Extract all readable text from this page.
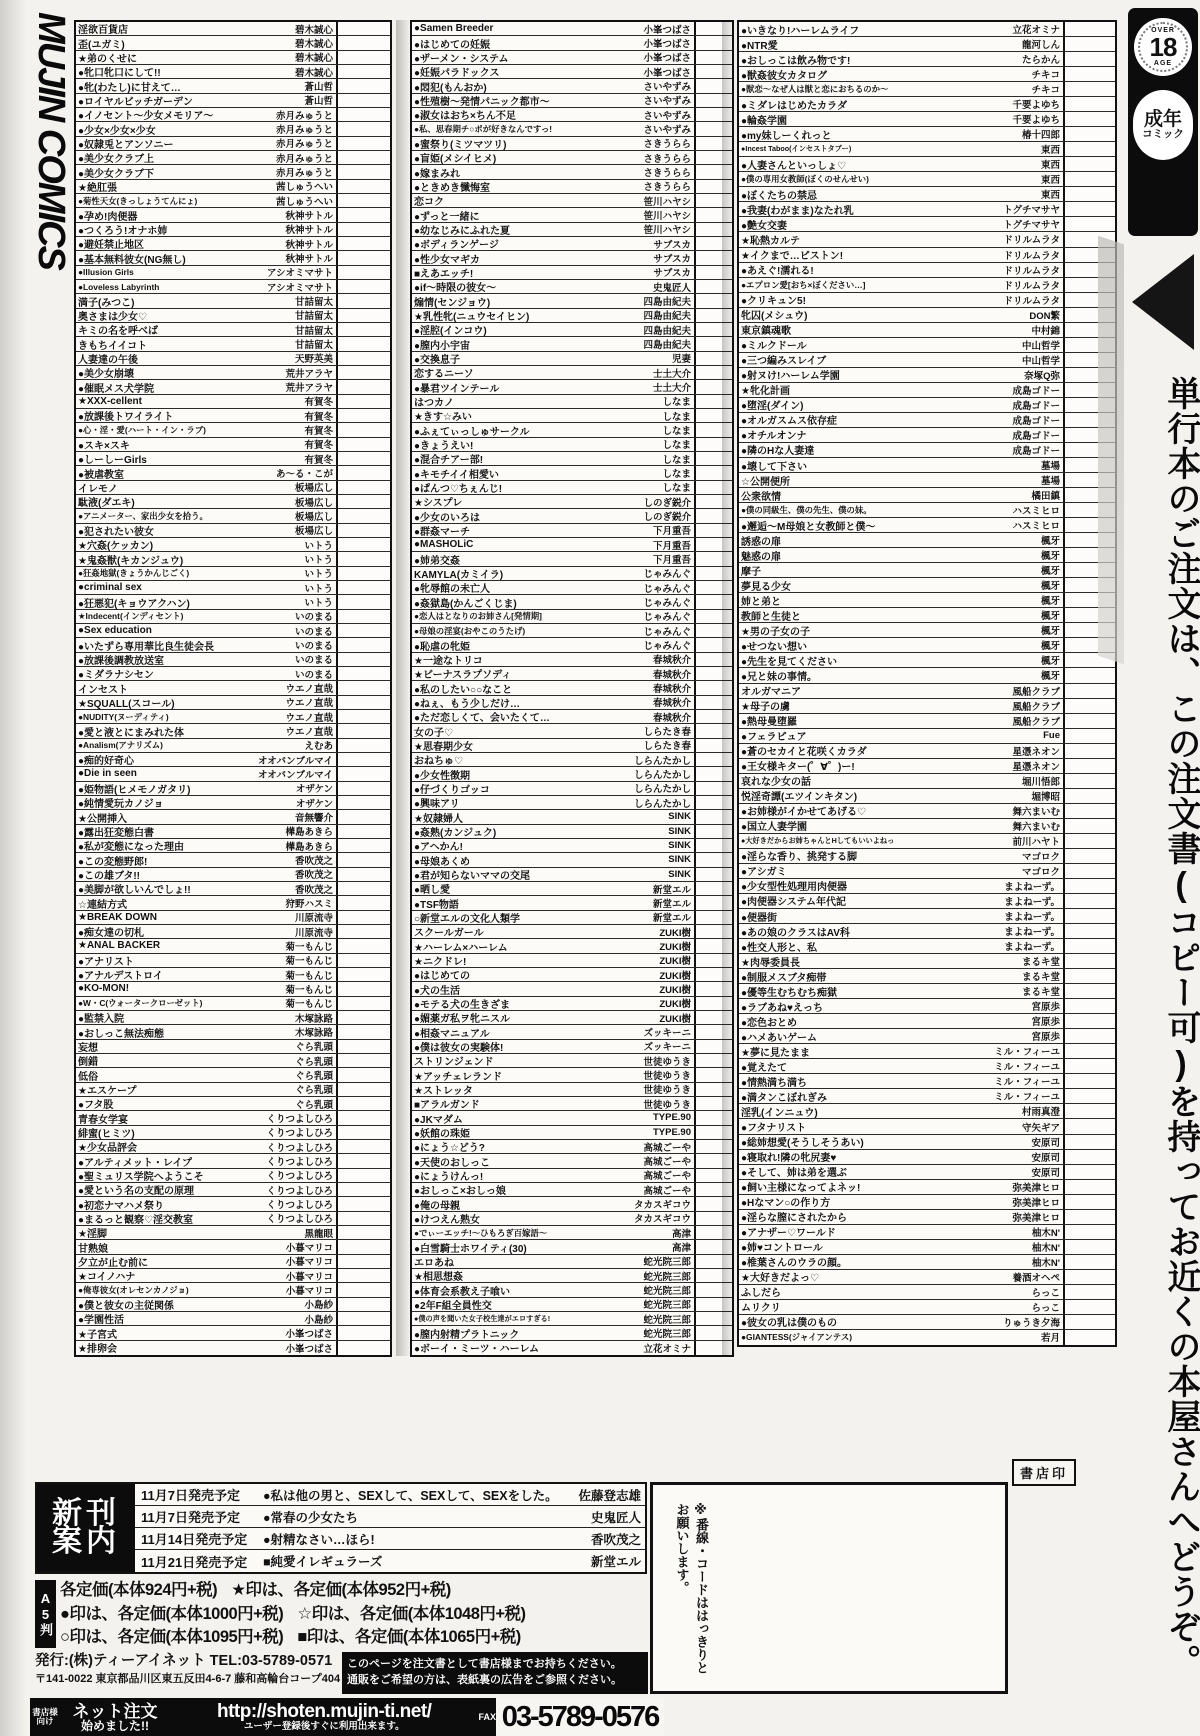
MUJIN COMICS 淫欲百貨店	碧木誠心
歪(ユガミ)	碧木誠心
★弟のくせに	碧木誠心
●牝口牝口にして!!	碧木誠心
●牝(わたし)に甘えて…	蒼山哲
●ロイヤルビッチガーデン	蒼山哲
●イノセント〜少女メモリア〜	赤月みゅうと
●少女×少女×少女	赤月みゅうと
●奴隷兎とアンソニー	赤月みゅうと
●美少女クラブ上	赤月みゅうと
●美少女クラブ下	赤月みゅうと
★絶肛張	茜しゅうへい
●菊性天女(きっしょうてんにょ)	茜しゅうへい
●孕め!肉便器	秋神サトル
●つくろう!オナホ姉	秋神サトル
●避妊禁止地区	秋神サトル
●基本無料彼女(NG無し)	秋神サトル
●Illusion Girls	アシオミマサト
●Loveless Labyrinth	アシオミマサト
満子(みつこ)	甘詰留太
奥さまは少女♡	甘詰留太
キミの名を呼べば	甘詰留太
きもちイイコト	甘詰留太
人妻達の午後	天野英美
●美少女崩壊	荒井アラヤ
●催眠メス犬学院	荒井アラヤ
★XXX-cellent	有賀冬
●放課後トワイライト	有賀冬
●心・淫・愛(ハート・イン・ラブ)	有賀冬
●スキ×スキ	有賀冬
●しーしーGirls	有賀冬
●被虐教室	あ〜る・こが
イレモノ	板場広し
駄液(ダエキ)	板場広し
●アニメーター、家出少女を拾う。	板場広し
●犯されたい彼女	板場広し
★穴姦(ケッカン)	いトう
★鬼姦獣(キカンジュウ)	いトう
●狂姦地獄(きょうかんじごく)	いトう
●criminal sex	いトう
●狂悪犯(キョウアクハン)	いトう
★Indecent(インディセント)	いのまる
●Sex education	いのまる
●いたずら専用華比良生徒会長	いのまる
●放課後調教放送室	いのまる
●ミダラナシセン	いのまる
インセスト	ウエノ直哉
★SQUALL(スコール)	ウエノ直哉
●NUDITY(ヌーディティ)	ウエノ直哉
●愛と液とにまみれた体	ウエノ直哉
●Analism(アナリズム)	えむあ
●痴的好奇心	オオバンブルマイ
●Die in seen	オオバンブルマイ
●姫物語(ヒメモノガタリ)	オザケン
●純情愛玩カノジョ	オザケン
★公開挿入	音無響介
●露出狂変態白書	樺島あきら
●私が変態になった理由	樺島あきら
●この変態野郎!	香吹茂之
●この雄ブタ!!	香吹茂之
●美脚が欲しいんでしょ!!	香吹茂之
☆連結方式	狩野ハスミ
★BREAK DOWN	川原流寺
●痴女達の切札	川原流寺
★ANAL BACKER	菊一もんじ
●アナリスト	菊一もんじ
●アナルデストロイ	菊一もんじ
●KO-MON!	菊一もんじ
●W・C(ウォータークローゼット)	菊一もんじ
●監禁入院	木塚詠路
●おしっこ無法痴態	木塚詠路
妄想	ぐら乳頭
倒錯	ぐら乳頭
低俗	ぐら乳頭
★エスケープ	ぐら乳頭
●フタ股	ぐら乳頭
青春女学宴	くりつよしひろ
緋蜜(ヒミツ)	くりつよしひろ
★少女品評会	くりつよしひろ
●アルティメット・レイプ	くりつよしひろ
●聖ミュリス学院へようこそ	くりつよしひろ
●愛という名の支配の原理	くりつよしひろ
●初恋ナマハメ祭り	くりつよしひろ
●まるっと観察♡淫交教室	くりつよしひろ
★淫脚	黒龍眼
甘熟娘	小暮マリコ
夕立が止む前に	小暮マリコ
★コイノハナ	小暮マリコ
●俺専彼女(オレセンカノジョ)	小暮マリコ
●僕と彼女の主従関係	小島紗
●学園性活	小島紗
★子宮式	小峯つばさ
★排卵会	小峯つばさ
●Samen Breeder	小峯つばさ
●はじめての妊娠	小峯つばさ
●ザーメン・システム	小峯つばさ
●妊娠パラドックス	小峯つばさ
●悶犯(もんおか)	さいやずみ
●性殖樹〜発情パニック都市〜	さいやずみ
●淑女はおち×ちん不足	さいやずみ
●私、思春期チ○ポが好きなんですっ!	さいやずみ
●蜜祭り(ミツマツリ)	さきうらら
●盲姫(メシイヒメ)	さきうらら
●嫁まみれ	さきうらら
●ときめき懺悔室	さきうらら
恋コク	笹川ハヤシ
●ずっと一緒に	笹川ハヤシ
●幼なじみにふれた夏	笹川ハヤシ
●ボディランゲージ	サブスカ
●性少女マギカ	サブスカ
■えあエッチ!	サブスカ
●if〜時限の彼女〜	史鬼匠人
煽情(センジョウ)	四島由紀夫
★乳性牝(ニュウセイヒン)	四島由紀夫
●淫腔(インコウ)	四島由紀夫
●膣内小宇宙	四島由紀夫
●交換息子	児妻
恋するニーソ	士土大介
●暴君ツインテール	士土大介
はつカノ	しなま
★きす☆みい	しなま
●ふぇてぃっしゅサークル	しなま
●きょうえい!	しなま
●混合チアー部!	しなま
●キモチイイ相愛い	しなま
●ぱんつ♡ちぇんじ!	しなま
★シスプレ	しのぎ鋭介
●少女のいろは	しのぎ鋭介
●群姦マーチ	下月重吾
●MASHOLiC	下月重吾
●姉弟交姦	下月重吾
KAMYLA(カミイラ)	じゃみんぐ
●牝辱館の未亡人	じゃみんぐ
●姦獄島(かんごくじま)	じゃみんぐ
●恋人はとなりのお姉さん[発情期]	じゃみんぐ
●母娘の淫宴(おやこのうたげ)	じゃみんぐ
●恥虐の牝姫	じゃみんぐ
★一途なトリコ	春城秋介
★ビーナスラプソディ	春城秋介
●私のしたい○○なこと	春城秋介
●ねぇ、もう少しだけ…	春城秋介
●ただ恋しくて、会いたくて…	春城秋介
女の子♡	しらたき春
★思春期少女	しらたき春
おねちゅ♡	しらんたかし
●少女性徴期	しらんたかし
●仔づくりゴッコ	しらんたかし
●興味アリ	しらんたかし
★奴隷婦人	SINK
●姦熟(カンジュク)	SINK
●アヘかん!	SINK
●母娘あくめ	SINK
●君が知らないママの交尾	SINK
●晒し愛	新堂エル
●TSF物語	新堂エル
○新堂エルの文化人類学	新堂エル
スクールガール	ZUKI樹
★ハーレム×ハーレム	ZUKI樹
★ニクドレ!	ZUKI樹
●はじめての	ZUKI樹
●犬の生活	ZUKI樹
●モテる犬の生きざま	ZUKI樹
●媚薬ガ私ヲ牝ニスル	ZUKI樹
●相姦マニュアル	ズッキーニ
●僕は彼女の実験体!	ズッキーニ
ストリンジェンド	世徒ゆうき
★アッチェレランド	世徒ゆうき
★ストレッタ	世徒ゆうき
■アラルガンド	世徒ゆうき
●JKマダム	TYPE.90
●妖館の珠姫	TYPE.90
●にょう☆どう?	高城ごーや
●天使のおしっこ	高城ごーや
●にょうけんっ!	高城ごーや
●おしっこ×おしっ娘	高城ごーや
●俺の母親	タカスギコウ
●けつえん熟女	タカスギコウ
●でぃーエッチ!〜ひもろぎ百嫁語〜	高津
●白雪騎士ホワイティ(30)	高津
エロあね	蛇光院三郎
★相思想姦	蛇光院三郎
●体育会系教え子喰い	蛇光院三郎
●2年F組全員性交	蛇光院三郎
●僕の声を聞いた女子校生達がエロすぎる!	蛇光院三郎
●膣内射精プラトニック	蛇光院三郎
●ボーイ・ミーツ・ハーレム	立花オミナ
●いきなり!ハーレムライフ	立花オミナ
●NTR愛	龍河しん
●おしっこは飲み物です!	たらかん
●獣姦彼女カタログ	チキコ
●獣恋〜なぜ人は獣と恋におちるのか〜	チキコ
●ミダレはじめたカラダ	千要よゆち
●輪姦学園	千要よゆち
●my妹しーくれっと	椿十四郎
●Incest Taboo(インセストタブー)	東西
●人妻さんといっしょ♡	東西
●僕の専用女教師(ぼくのせんせい)	東西
●ぼくたちの禁忌	東西
●我妻(わがまま)なたれ乳	トグチマサヤ
●艶女交妻	トグチマサヤ
★恥熱カルテ	ドリルムラタ
★イクまで…ピストン!	ドリルムラタ
●あえぐ!濡れる!	ドリルムラタ
●エプロン愛[おち×ぼください…]	ドリルムラタ
●クリキュン5!	ドリルムラタ
牝囚(メシュウ)	DON繁
東京鎮魂歌	中村錦
●ミルクドール	中山哲学
●三つ編みスレイブ	中山哲学
●射ヌけ!ハーレム学園	奈塚Q弥
★牝化計画	成島ゴドー
●堕淫(ダイン)	成島ゴドー
●オルガスムス依存症	成島ゴドー
●オチルオンナ	成島ゴドー
●隣のHな人妻達	成島ゴドー
●壊して下さい	墓場
☆公開便所	墓場
公衆欲情	橘田鎮
●僕の同級生、僕の先生、僕の妹。	ハスミヒロ
●邂逅〜M母娘と女教師と僕〜	ハスミヒロ
誘惑の扉	楓牙
魅惑の扉	楓牙
摩子	楓牙
夢見る少女	楓牙
姉と弟と	楓牙
教師と生徒と	楓牙
★男の子女の子	楓牙
●せつない想い	楓牙
●先生を見てください	楓牙
●兄と妹の事情。	楓牙
オルガマニア	風船クラブ
★母子の虜	風船クラブ
●熱母曼堕羅	風船クラブ
●フェラピュア	Fue
●蒼のセカイと花咲くカラダ	星憑ネオン
●王女様キター(゜∀゜)ー!	星憑ネオン
哀れな少女の話	堀川悟郎
悦淫奇譚(エツインキタン)	堀博昭
●お姉様がイかせてあげる♡	舞六まいむ
●国立人妻学園	舞六まいむ
●大好きだからお姉ちゃんとHしてもいいよねっ	前川ハヤト
●淫らな香り、挑発する脚	マゴロク
●アシガミ	マゴロク
●少女型性処理用肉便器	まよねーず。
●肉便器システム年代記	まよねーず。
●便器街	まよねーず。
●あの娘のクラスはAV科	まよねーず。
●性交人形と、私	まよねーず。
★肉辱委員長	まるキ堂
●制服メスブタ痴帯	まるキ堂
●優等生むちむち痴獄	まるキ堂
●ラブあね♥えっち	宮原歩
●恋色おとめ	宮原歩
●ハメあいゲーム	宮原歩
★夢に見たまま	ミル・フィーユ
●覚えたて	ミル・フィーユ
●情熱満ち満ち	ミル・フィーユ
●満タンこぼれぎみ	ミル・フィーユ
淫乳(インニュウ)	村雨真澄
●フタナリスト	守矢ギア
●総姉想愛(そうしそうあい)	安原司
●寝取れ!隣の牝尻妻♥	安原司
●そして、姉は弟を選ぶ	安原司
●飼い主様になってよネッ!	弥美津ヒロ
●Hなマン○の作り方	弥美津ヒロ
●淫らな膣にされたから	弥美津ヒロ
●アナザー♡ワールド	柚木N'
●姉♥コントロール	柚木N'
●椎葉さんのウラの顔。	柚木N'
★大好きだよっ♡	養酒オヘペ
ふしだら	らっこ
ムリクリ	らっこ
●彼女の乳は僕のもの	りゅうき夕海
●GIANTESS(ジャイアンテス)	若月
OVER
18
AGE
成年
コミック
単行本のご注文は、この注文書(コピー可)を持ってお近くの本屋さんへどうぞ。
新刊
案内
11月7日発売予定	●私は他の男と、SEXして、SEXして、SEXをした。	佐藤登志雄
11月7日発売予定	●常春の少女たち	史鬼匠人
11月14日発売予定	●射精なさい…ほら!	香吹茂之
11月21日発売予定	■純愛イレギュラーズ	新堂エル
A5判
各定価(本体924円+税) ★印は、各定価(本体952円+税)
●印は、各定価(本体1000円+税) ☆印は、各定価(本体1048円+税)
○印は、各定価(本体1095円+税) ■印は、各定価(本体1065円+税)
発行:(株)ティーアイネット TEL:03-5789-0571
〒141-0022 東京都品川区東五反田4-6-7 藤和高輪台コープ404
このページを注文書として書店様までお持ちください。
通販をご希望の方は、表紙裏の広告をご参照ください。
書店様
向け
ネット注文
始めました!!
http://shoten.mujin-ti.net/
ユーザー登録後すぐに利用出来ます。
FAX 03-5789-0576
※番線・コードははっきりとお願いします。
書店印
